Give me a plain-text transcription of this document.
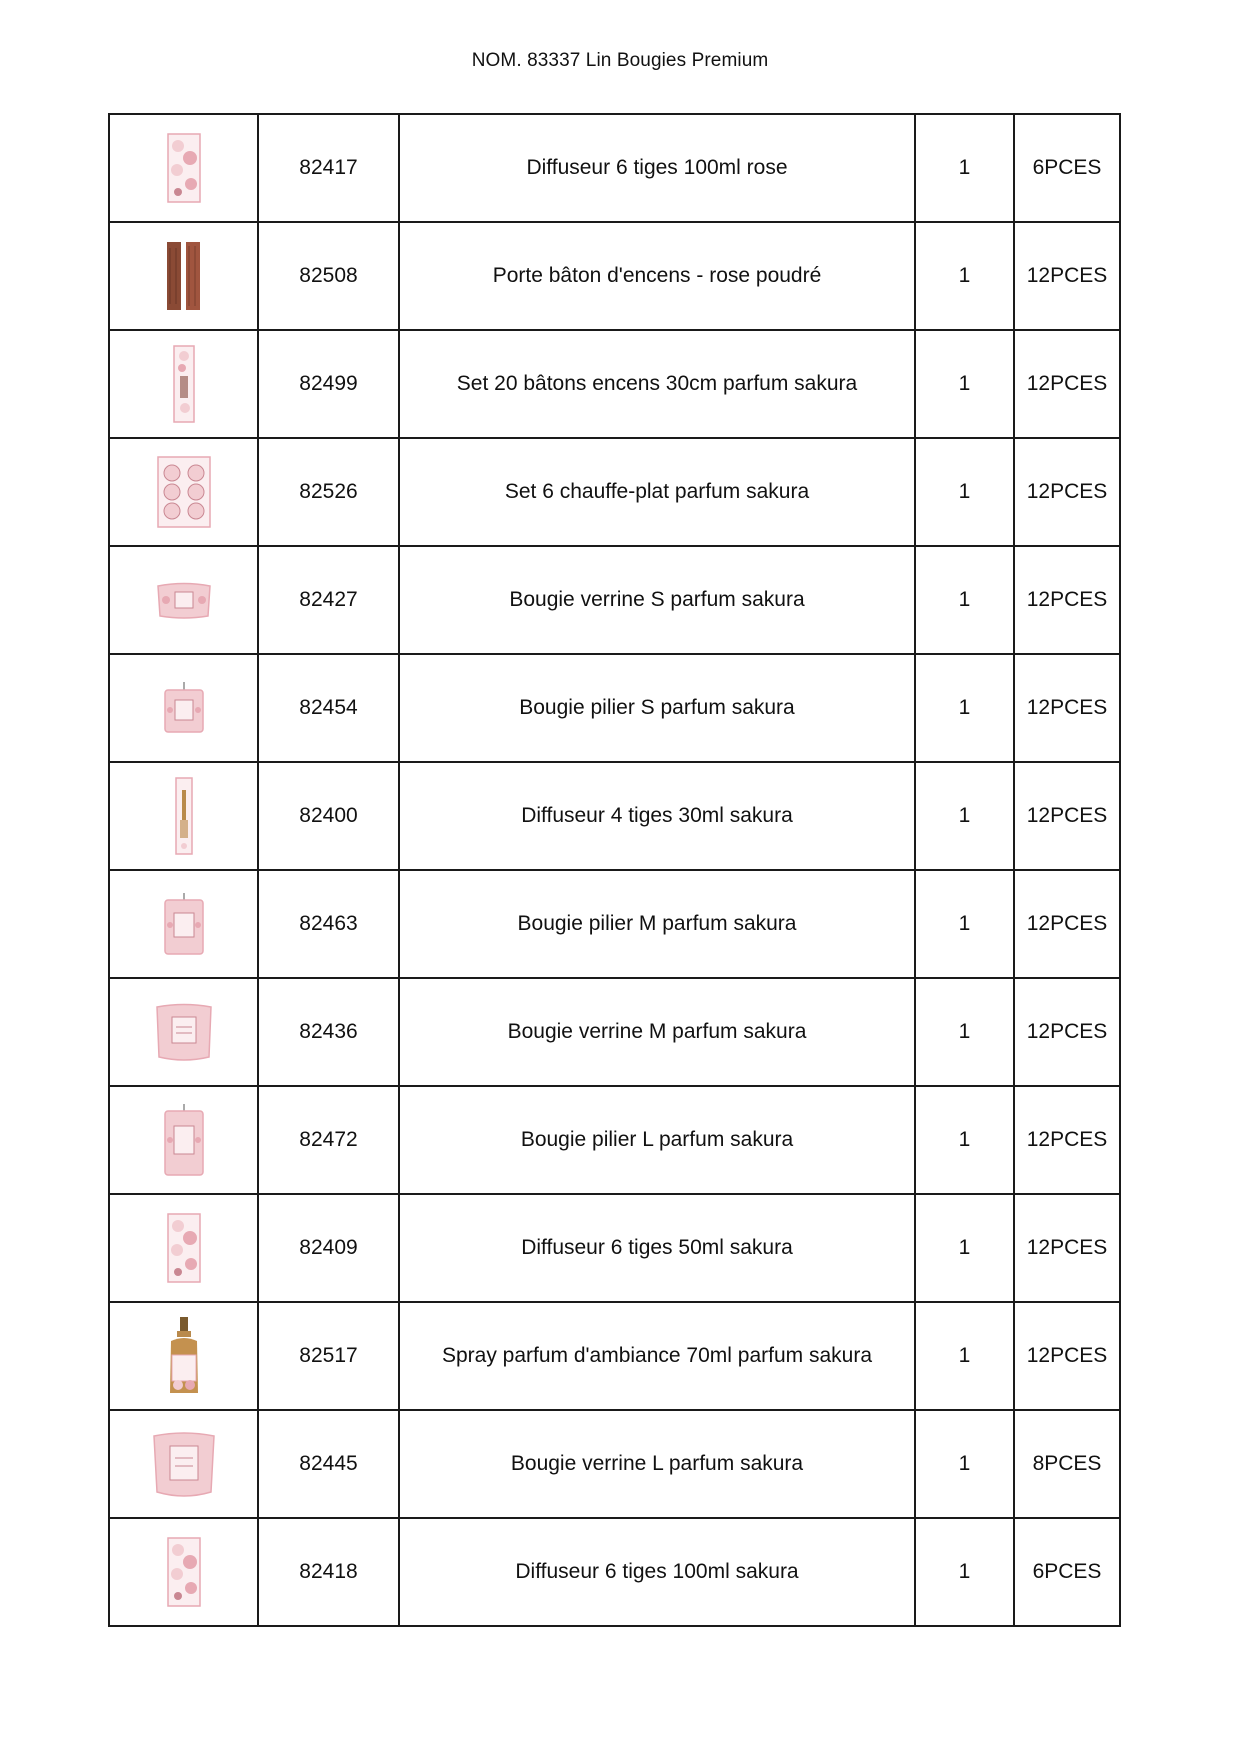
NOM. 83337 Lin Bougies Premium
	82417	Diffuseur 6 tiges 100ml rose	1	6PCES

	82508	Porte bâton d'encens - rose poudré	1	12PCES

	82499	Set 20 bâtons encens 30cm parfum sakura	1	12PCES

	82526	Set 6 chauffe-plat parfum sakura	1	12PCES

	82427	Bougie verrine S parfum sakura	1	12PCES

	82454	Bougie pilier S parfum sakura	1	12PCES

	82400	Diffuseur 4 tiges 30ml sakura	1	12PCES

	82463	Bougie pilier M parfum sakura	1	12PCES

	82436	Bougie verrine M parfum sakura	1	12PCES

	82472	Bougie pilier L parfum sakura	1	12PCES

	82409	Diffuseur 6 tiges 50ml sakura	1	12PCES

	82517	Spray parfum d'ambiance 70ml parfum sakura	1	12PCES

	82445	Bougie verrine L parfum sakura	1	8PCES

	82418	Diffuseur 6 tiges 100ml sakura	1	6PCES
